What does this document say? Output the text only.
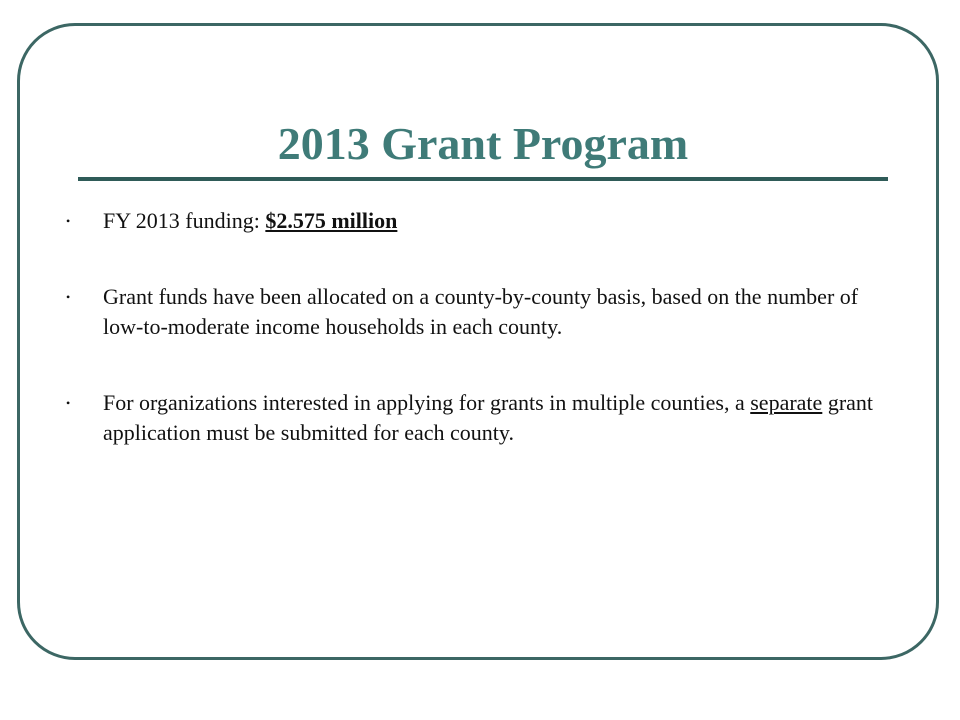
2013 Grant Program
• FY 2013 funding: $2.575 million
• Grant funds have been allocated on a county-by-county basis, based on the number of low-to-moderate income households in each county.
• For organizations interested in applying for grants in multiple counties, a separate grant application must be submitted for each county.
